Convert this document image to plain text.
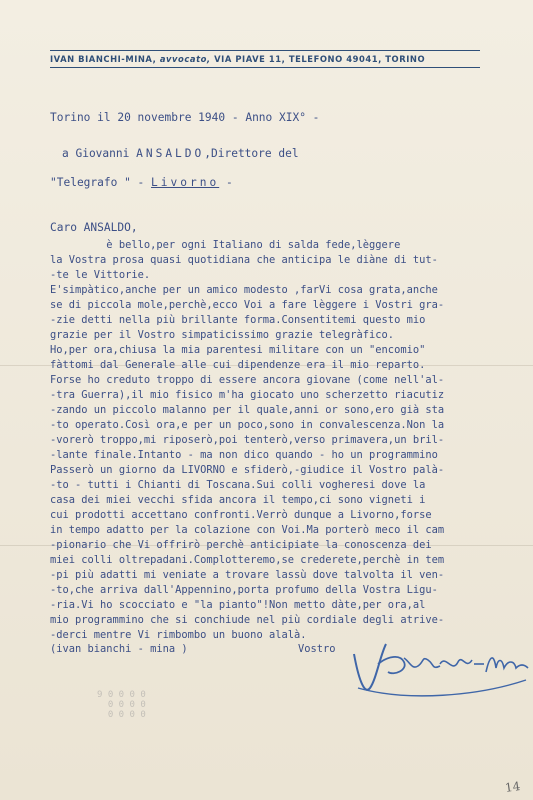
IVAN BIANCHI-MINA, avvocato, VIA PIAVE 11, TELEFONO 49041, TORINO
Torino il 20 novembre 1940 - Anno XIX° -
a Giovanni ANSALDO,Direttore del
"Telegrafo " - Livorno -
Caro ANSALDO,
è bello,per ogni Italiano di salda fede,lèggere
la Vostra prosa quasi quotidiana che anticipa le diàne di tut-
-te le Vittorie.
E'simpàtico,anche per un amico modesto ,farVi cosa grata,anche
se di piccola mole,perchè,ecco Voi a fare lèggere i Vostri gra-
-zie detti nella più brillante forma.Consentitemi questo mio
grazie per il Vostro simpaticissimo grazie telegràfico.
Ho,per ora,chiusa la mia parentesi militare con un "encomio"
fàttomi dal Generale alle cui dipendenze era il mio reparto.
Forse ho creduto troppo di essere ancora giovane (come nell'al-
-tra Guerra),il mio fisico m'ha giocato uno scherzetto riacutiz
-zando un piccolo malanno per il quale,anni or sono,ero già sta
-to operato.Così ora,e per un poco,sono in convalescenza.Non la
-vorerò troppo,mi riposerò,poi tenterò,verso primavera,un bril-
-lante finale.Intanto - ma non dico quando - ho un programmino
Passerò un giorno da LIVORNO e sfiderò,-giudice il Vostro palà-
-to - tutti i Chianti di Toscana.Sui colli vogheresi dove la
casa dei miei vecchi sfida ancora il tempo,ci sono vigneti i
cui prodotti accettano confronti.Verrò dunque a Livorno,forse
in tempo adatto per la colazione con Voi.Ma porterò meco il cam
-pionario che Vi offrirò perchè anticipiate la conoscenza dei
miei colli oltrepadani.Complotteremo,se crederete,perchè in tem
-pi più adatti mi veniate a trovare lassù dove talvolta il ven-
-to,che arriva dall'Appennino,porta profumo della Vostra Ligu-
-ria.Vi ho scocciato e "la pianto"!Non metto dàte,per ora,al
mio programmino che si conchiude nel più cordiale degli atrive-
-derci mentre Vi rimbombo un buono alalà.
(ivan bianchi - mina )	Vostro
9 0 0 0 0
0 0 0 0
0 0 0 0
Bianchi-Mina
14
